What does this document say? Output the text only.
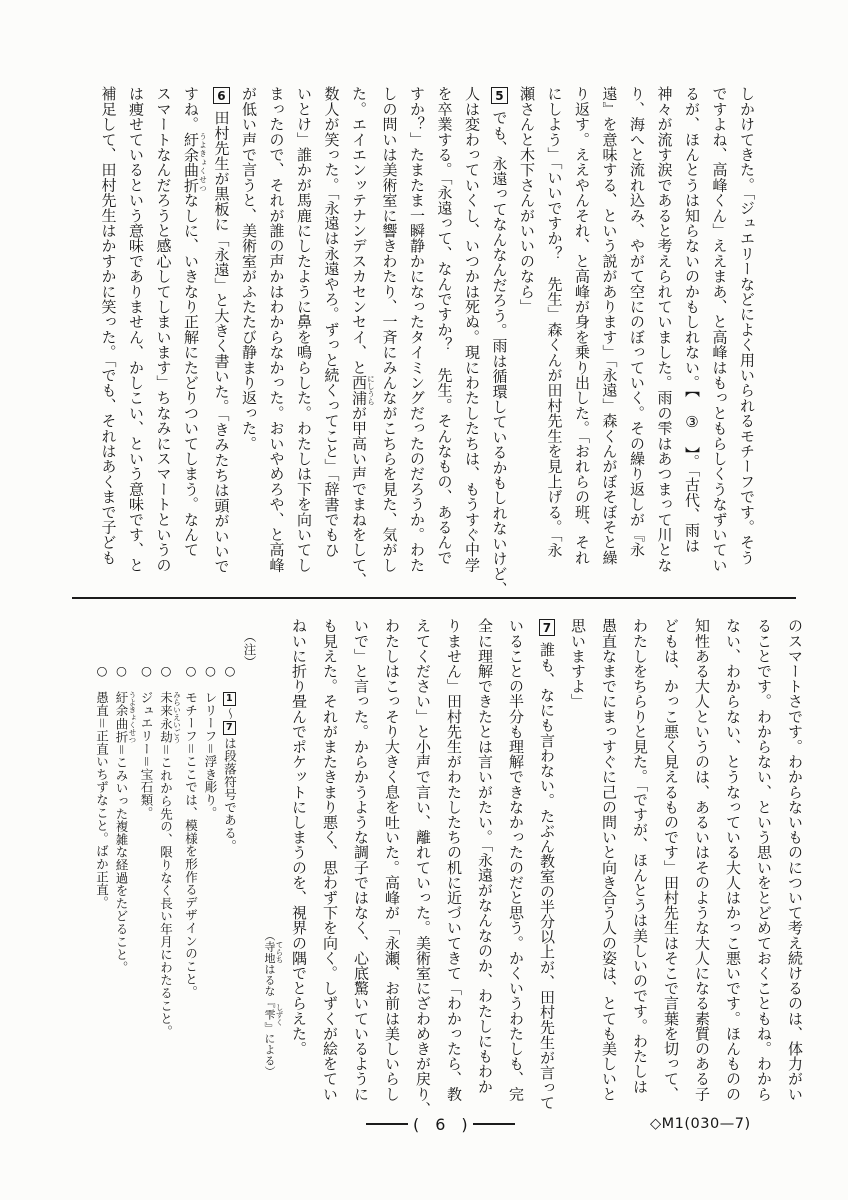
しかけてきた。「ジュエリーなどによく用いられるモチーフです。そう
ですよね、高峰くん」ええまあ、と高峰はもっともらしくうなずいてい
るが、ほんとうは知らないのかもしれない。【　③　】。「古代、雨は
神々が流す涙であると考えられていました。雨の雫はあつまって川とな
り、海へと流れ込み、やがて空にのぼっていく。その繰り返しが『永
遠』を意味する、という説があります」「永遠」森くんがぼそぼそと繰
り返す。ええやんそれ、と高峰が身を乗り出した。「おれらの班、それ
にしよう」「いいですか？　先生」森くんが田村先生を見上げる。「永
瀬さんと木下さんがいいのなら」
5でも、永遠ってなんなんだろう。雨は循環しているかもしれないけど、
人は変わっていくし、いつかは死ぬ。現にわたしたちは、もうすぐ中学
を卒業する。「永遠って、なんですか？　先生。そんなもの、あるんで
すか？」たまたま一瞬静かになったタイミングだったのだろうか。わた
しの問いは美術室に響きわたり、一斉にみんながこちらを見た、気がし
た。エイエンッテナンデスカセンセイ、と西浦にしうらが甲高い声でまねをして、
数人が笑った。「永遠は永遠やろ。ずっと続くってこと」「辞書でもひ
いとけ」誰かが馬鹿にしたように鼻を鳴らした。わたしは下を向いてし
まったので、それが誰の声かはわからなかった。おいやめろや、と高峰
が低い声で言うと、美術室がふたたび静まり返った。
6田村先生が黒板に「永遠」と大きく書いた。「きみたちは頭がいいで
すね。紆余曲折うよきょくせつなしに、いきなり正解にたどりついてしまう。なんて
スマートなんだろうと感心してしまいます」ちなみにスマートというの
は痩せているという意味でありません、かしこい、という意味です、と
補足して、田村先生はかすかに笑った。「でも、それはあくまで子ども
のスマートさです。わからないものについて考え続けるのは、体力がい
ることです。わからない、という思いをとどめておくこともね。わから
ない、わからない、とうなっている大人はかっこ悪いです。ほんものの
知性ある大人というのは、あるいはそのような大人になる素質のある子
どもは、かっこ悪く見えるものです」田村先生はそこで言葉を切って、
わたしをちらりと見た。「ですが、ほんとうは美しいのです。わたしは
愚直なまでにまっすぐに己の問いと向き合う人の姿は、とても美しいと
思いますよ」
7誰も、なにも言わない。たぶん教室の半分以上が、田村先生が言って
いることの半分も理解できなかったのだと思う。かくいうわたしも、完
全に理解できたとは言いがたい。「永遠がなんなのか、わたしにもわか
りません」田村先生がわたしたちの机に近づいてきて「わかったら、教
えてください」と小声で言い、離れていった。美術室にざわめきが戻り、
わたしはこっそり大きく息を吐いた。高峰が「永瀬、お前は美しいらし
いで」と言った。からかうような調子ではなく、心底驚いているように
も見えた。それがまたきまり悪く、思わず下を向く。しずくが絵をてい
ねいに折り畳んでポケットにしまうのを、視界の隅でとらえた。
（寺地 てらちはるな『雫 しずく』による）
（注）
○　1～7は段落符号である。
○　レリーフ＝浮き彫り。
○　モチーフ＝ここでは、模様を形作るデザインのこと。
○　未来永劫 みらいえいごう＝これから先の、限りなく長い年月にわたること。
○　ジュエリー＝宝石類。
○　紆余曲折 うよきょくせつ＝こみいった複雑な経過をたどること。
○　愚直＝正直いちずなこと。ばか正直。
(　6　)	◇M1(030—7)
